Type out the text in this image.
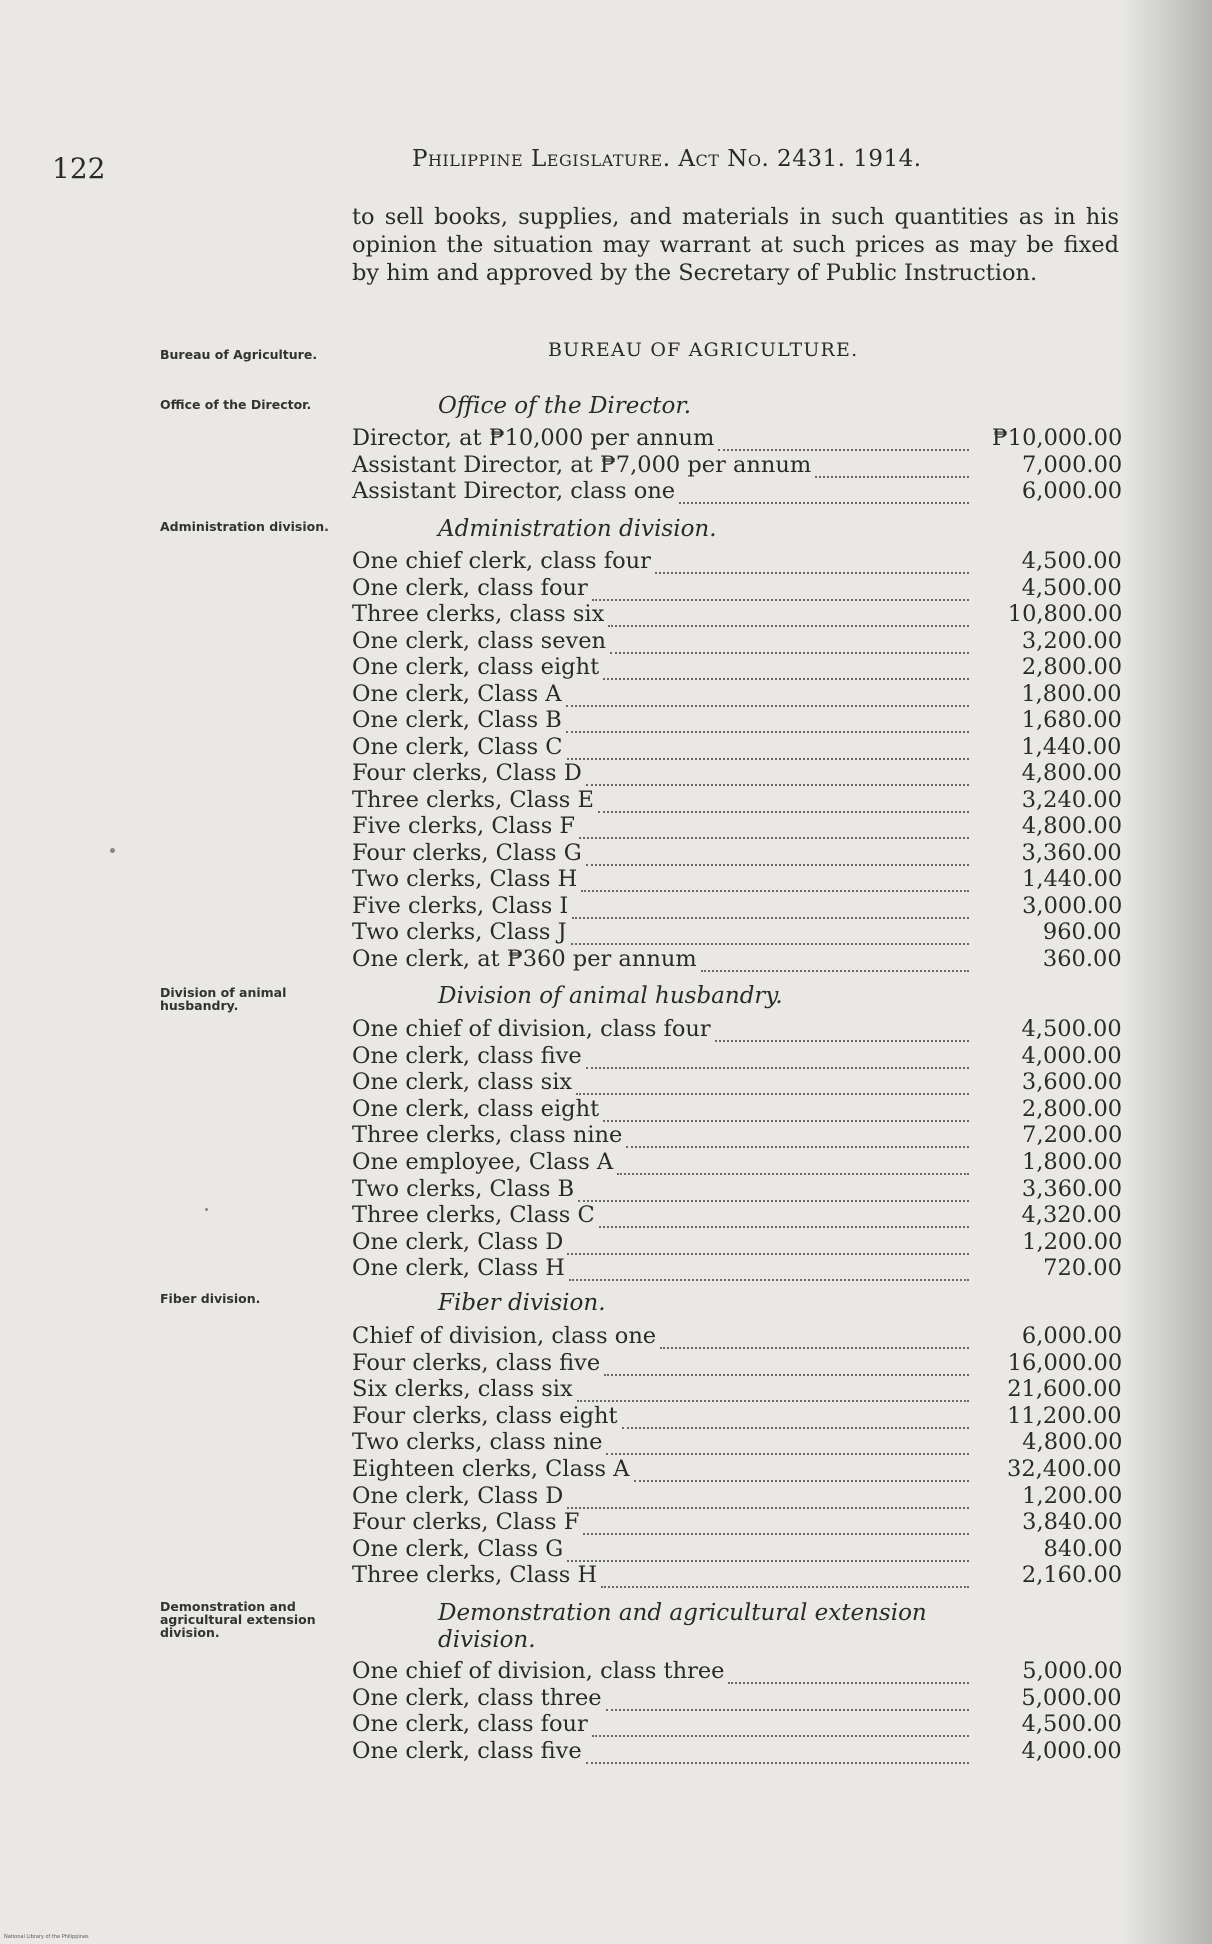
122	Philippine Legislature. Act No. 2431. 1914.
to sell books, supplies, and materials in such quantities as in his opinion the situation may warrant at such prices as may be fixed by him and approved by the Secretary of Public Instruction.
Bureau of Agriculture.	BUREAU OF AGRICULTURE.
Office of the Director.	Office of the Director.
Director, at ₱10,000 per annum	₱10,000.00
Assistant Director, at ₱7,000 per annum	7,000.00
Assistant Director, class one	6,000.00
Administration division.	Administration division.
One chief clerk, class four	4,500.00
One clerk, class four	4,500.00
Three clerks, class six	10,800.00
One clerk, class seven	3,200.00
One clerk, class eight	2,800.00
One clerk, Class A	1,800.00
One clerk, Class B	1,680.00
One clerk, Class C	1,440.00
Four clerks, Class D	4,800.00
Three clerks, Class E	3,240.00
Five clerks, Class F	4,800.00
Four clerks, Class G	3,360.00
Two clerks, Class H	1,440.00
Five clerks, Class I	3,000.00
Two clerks, Class J	960.00
One clerk, at ₱360 per annum	360.00
Division of animal husbandry.	Division of animal husbandry.
One chief of division, class four	4,500.00
One clerk, class five	4,000.00
One clerk, class six	3,600.00
One clerk, class eight	2,800.00
Three clerks, class nine	7,200.00
One employee, Class A	1,800.00
Two clerks, Class B	3,360.00
Three clerks, Class C	4,320.00
One clerk, Class D	1,200.00
One clerk, Class H	720.00
Fiber division.	Fiber division.
Chief of division, class one	6,000.00
Four clerks, class five	16,000.00
Six clerks, class six	21,600.00
Four clerks, class eight	11,200.00
Two clerks, class nine	4,800.00
Eighteen clerks, Class A	32,400.00
One clerk, Class D	1,200.00
Four clerks, Class F	3,840.00
One clerk, Class G	840.00
Three clerks, Class H	2,160.00
Demonstration and agricultural extension division.
Demonstration and agricultural extension division.
One chief of division, class three	5,000.00
One clerk, class three	5,000.00
One clerk, class four	4,500.00
One clerk, class five	4,000.00
National Library of the Philippines
